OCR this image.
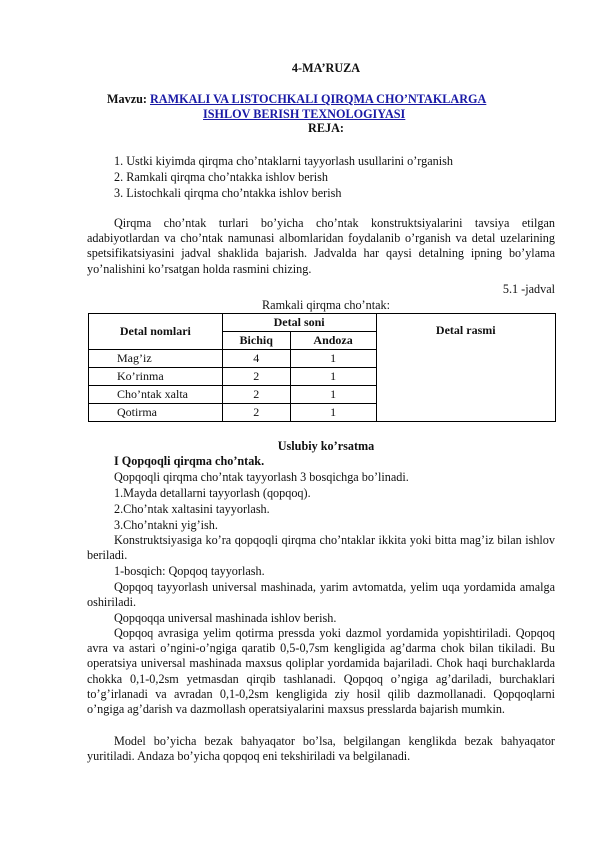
4-MA’RUZA
Mavzu: RAMKALI VA LISTOCHKALI QIRQMA CHO’NTAKLARGA
ISHLOV BERISH TEXNOLOGIYASI
REJA:
1. Ustki kiyimda qirqma cho’ntaklarni tayyorlash usullarini o’rganish
2. Ramkali qirqma cho’ntakka ishlov berish
3. Listochkali qirqma cho’ntakka ishlov berish

Qirqma cho’ntak turlari bo’yicha cho’ntak konstruktsiyalarini tavsiya etilgan adabiyotlardan va cho’ntak namunasi albomlaridan foydalanib o’rganish va detal uzelarining spetsifikatsiyasini jadval shaklida bajarish. Jadvalda har qaysi detalning ipning bo’ylama yo’nalishini ko’rsatgan holda rasmini chizing.

5.1 -jadval
Ramkali qirqma cho’ntak:
Detal nomlari	Detal soni		Detal rasmi
	Bichiq	Andoza	
Mag’iz	4	1	
Ko’rinma	2	1	
Cho’ntak xalta	2	1	
Qotirma	2	1	
Uslubiy ko’rsatma
I Qopqoqli qirqma cho’ntak.
Qopqoqli qirqma cho’ntak tayyorlash 3 bosqichga bo’linadi.
1.Mayda detallarni tayyorlash (qopqoq).
2.Cho’ntak xaltasini tayyorlash.
3.Cho’ntakni yig’ish.

Konstruktsiyasiga ko’ra qopqoqli qirqma cho’ntaklar ikkita yoki bitta mag’iz bilan ishlov beriladi.

1-bosqich: Qopqoq tayyorlash.

Qopqoq tayyorlash universal mashinada, yarim avtomatda, yelim uqa yordamida amalga oshiriladi.

Qopqoqqa universal mashinada ishlov berish.

Qopqoq avrasiga yelim qotirma pressda yoki dazmol yordamida yopishtiriladi. Qopqoq avra va astari o’ngini-o’ngiga qaratib 0,5-0,7sm kengligida ag’darma chok bilan tikiladi. Bu operatsiya universal mashinada maxsus qoliplar yordamida bajariladi. Chok haqi burchaklarda chokka 0,1-0,2sm yetmasdan qirqib tashlanadi. Qopqoq o’ngiga ag’dariladi, burchaklari to’g’irlanadi va avradan 0,1-0,2sm kengligida ziy hosil qilib dazmollanadi. Qopqoqlarni o’ngiga ag’darish va dazmollash operatsiyalarini maxsus presslarda bajarish mumkin.

Model bo’yicha bezak bahyaqator bo’lsa, belgilangan kenglikda bezak bahyaqator yuritiladi. Andaza bo’yicha qopqoq eni tekshiriladi va belgilanadi.
